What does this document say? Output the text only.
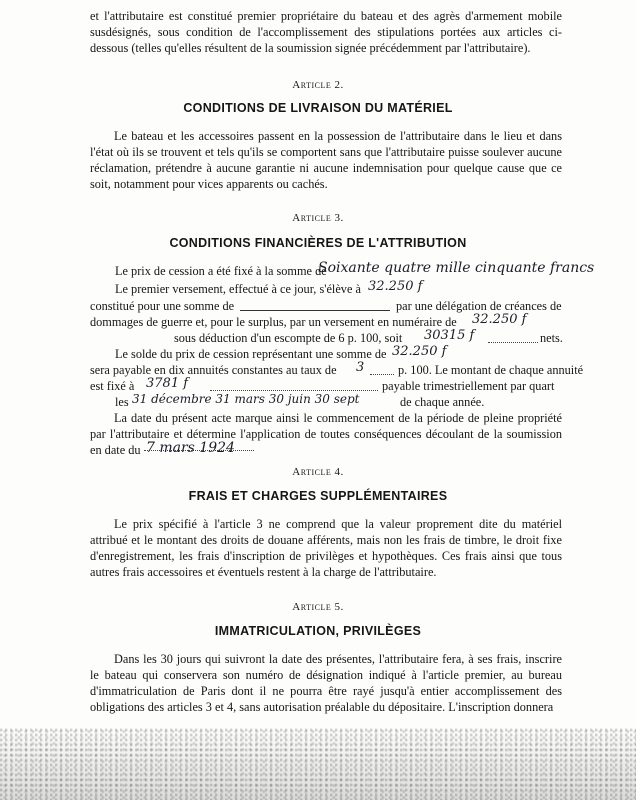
et l'attributaire est constitué premier propriétaire du bateau et des agrès d'armement mobile susdésignés, sous condition de l'accomplissement des stipulations portées aux articles ci-dessous (telles qu'elles résultent de la soumission signée précédemment par l'attributaire).

Article 2.

CONDITIONS DE LIVRAISON DU MATÉRIEL

Le bateau et les accessoires passent en la possession de l'attributaire dans le lieu et dans l'état où ils se trouvent et tels qu'ils se comportent sans que l'attributaire puisse soulever aucune réclamation, prétendre à aucune garantie ni aucune indemnisation pour quelque cause que ce soit, notamment pour vices apparents ou cachés.

Article 3.

CONDITIONS FINANCIÈRES DE L'ATTRIBUTION

Le prix de cession a été fixé à la somme de
Soixante quatre mille cinquante francs
Le premier versement, effectué à ce jour, s'élève à 32.250 f
constitué pour une somme de	par une délégation de créances de
dommages de guerre et, pour le surplus, par un versement en numéraire de 32.250 f
sous déduction d'un escompte de 6 p. 100, soit 30315 f	nets.
Le solde du prix de cession représentant une somme de 32.250 f
sera payable en dix annuités constantes au taux de 3	p. 100. Le montant de chaque annuité
est fixé à 3781 f	payable trimestriellement par quart
les 31 décembre 31 mars 30 juin 30 sept	de chaque année.

La date du présent acte marque ainsi le commencement de la période de pleine propriété par l'attributaire et détermine l'application de toutes conséquences découlant de la soumission en date du 7 mars 1924

Article 4.

FRAIS ET CHARGES SUPPLÉMENTAIRES

Le prix spécifié à l'article 3 ne comprend que la valeur proprement dite du matériel attribué et le montant des droits de douane afférents, mais non les frais de timbre, le droit fixe d'enregistrement, les frais d'inscription de privilèges et hypothèques. Ces frais ainsi que tous autres frais accessoires et éventuels restent à la charge de l'attributaire.

Article 5.

IMMATRICULATION, PRIVILÈGES

Dans les 30 jours qui suivront la date des présentes, l'attributaire fera, à ses frais, inscrire le bateau qui conservera son numéro de désignation indiqué à l'article premier, au bureau d'immatriculation de Paris dont il ne pourra être rayé jusqu'à entier accomplissement des obligations des articles 3 et 4, sans autorisation préalable du dépositaire. L'inscription donnera
